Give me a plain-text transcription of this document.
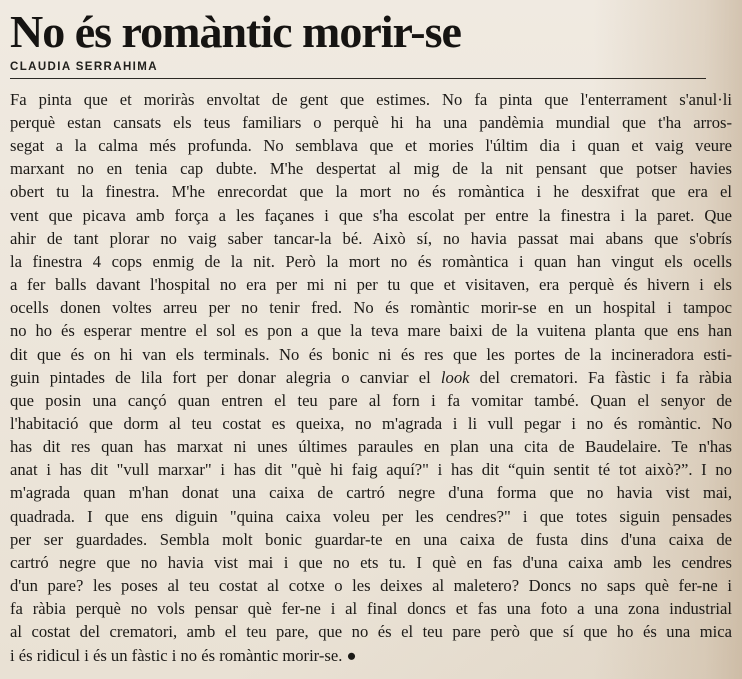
No és romàntic morir-se
CLAUDIA SERRAHIMA
Fa pinta que et moriràs envoltat de gent que estimes. No fa pinta que l'enterrament s'anul·li
perquè estan cansats els teus familiars o perquè hi ha una pandèmia mundial que t'ha arros-
segat a la calma més profunda. No semblava que et mories l'últim dia i quan et vaig veure
marxant no en tenia cap dubte. M'he despertat al mig de la nit pensant que potser havies
obert tu la finestra. M'he enrecordat que la mort no és romàntica i he desxifrat que era el
vent que picava amb força a les façanes i que s'ha escolat per entre la finestra i la paret. Que
ahir de tant plorar no vaig saber tancar-la bé. Això sí, no havia passat mai abans que s'obrís
la finestra 4 cops enmig de la nit. Però la mort no és romàntica i quan han vingut els ocells
a fer balls davant l'hospital no era per mi ni per tu que et visitaven, era perquè és hivern i els
ocells donen voltes arreu per no tenir fred. No és romàntic morir-se en un hospital i tampoc
no ho és esperar mentre el sol es pon a que la teva mare baixi de la vuitena planta que ens han
dit que és on hi van els terminals. No és bonic ni és res que les portes de la incineradora esti-
guin pintades de lila fort per donar alegria o canviar el look del crematori. Fa fàstic i fa ràbia
que posin una cançó quan entren el teu pare al forn i fa vomitar també. Quan el senyor de
l'habitació que dorm al teu costat es queixa, no m'agrada i li vull pegar i no és romàntic. No
has dit res quan has marxat ni unes últimes paraules en plan una cita de Baudelaire. Te n'has
anat i has dit "vull marxar" i has dit "què hi faig aquí?" i has dit “quin sentit té tot això?”. I no
m'agrada quan m'han donat una caixa de cartró negre d'una forma que no havia vist mai,
quadrada. I que ens diguin "quina caixa voleu per les cendres?" i que totes siguin pensades
per ser guardades. Sembla molt bonic guardar-te en una caixa de fusta dins d'una caixa de
cartró negre que no havia vist mai i que no ets tu. I què en fas d'una caixa amb les cendres
d'un pare? les poses al teu costat al cotxe o les deixes al maletero? Doncs no saps què fer-ne i
fa ràbia perquè no vols pensar què fer-ne i al final doncs et fas una foto a una zona industrial
al costat del crematori, amb el teu pare, que no és el teu pare però que sí que ho és una mica
i és ridicul i és un fàstic i no és romàntic morir-se. ●
